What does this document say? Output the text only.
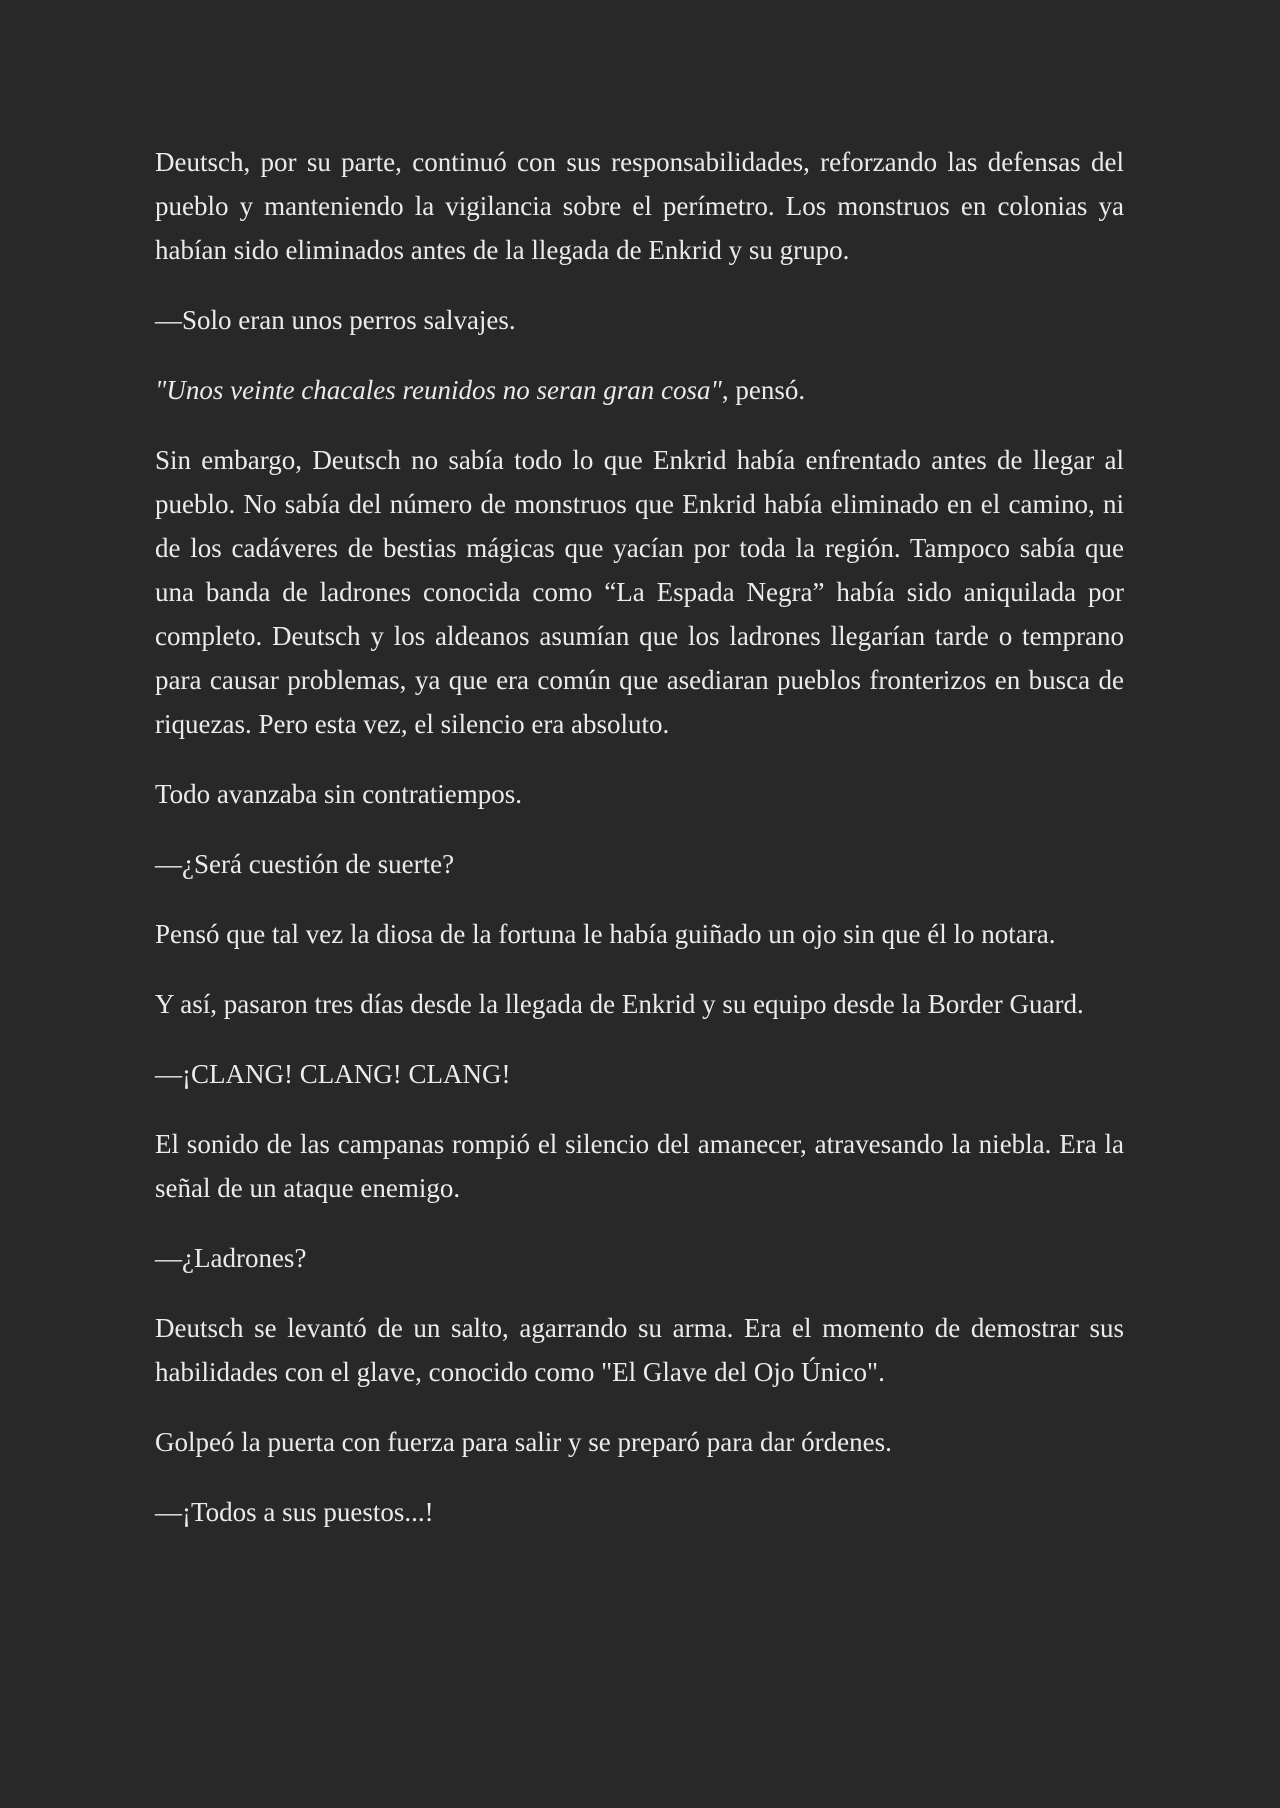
Deutsch, por su parte, continuó con sus responsabilidades, reforzando las defensas del pueblo y manteniendo la vigilancia sobre el perímetro. Los monstruos en colonias ya habían sido eliminados antes de la llegada de Enkrid y su grupo.

—Solo eran unos perros salvajes.

"Unos veinte chacales reunidos no seran gran cosa", pensó.

Sin embargo, Deutsch no sabía todo lo que Enkrid había enfrentado antes de llegar al pueblo. No sabía del número de monstruos que Enkrid había eliminado en el camino, ni de los cadáveres de bestias mágicas que yacían por toda la región. Tampoco sabía que una banda de ladrones conocida como “La Espada Negra” había sido aniquilada por completo. Deutsch y los aldeanos asumían que los ladrones llegarían tarde o temprano para causar problemas, ya que era común que asediaran pueblos fronterizos en busca de riquezas. Pero esta vez, el silencio era absoluto.

Todo avanzaba sin contratiempos.

—¿Será cuestión de suerte?

Pensó que tal vez la diosa de la fortuna le había guiñado un ojo sin que él lo notara.

Y así, pasaron tres días desde la llegada de Enkrid y su equipo desde la Border Guard.

—¡CLANG! CLANG! CLANG!

El sonido de las campanas rompió el silencio del amanecer, atravesando la niebla. Era la señal de un ataque enemigo.

—¿Ladrones?

Deutsch se levantó de un salto, agarrando su arma. Era el momento de demostrar sus habilidades con el glave, conocido como "El Glave del Ojo Único".

Golpeó la puerta con fuerza para salir y se preparó para dar órdenes.

—¡Todos a sus puestos...!
